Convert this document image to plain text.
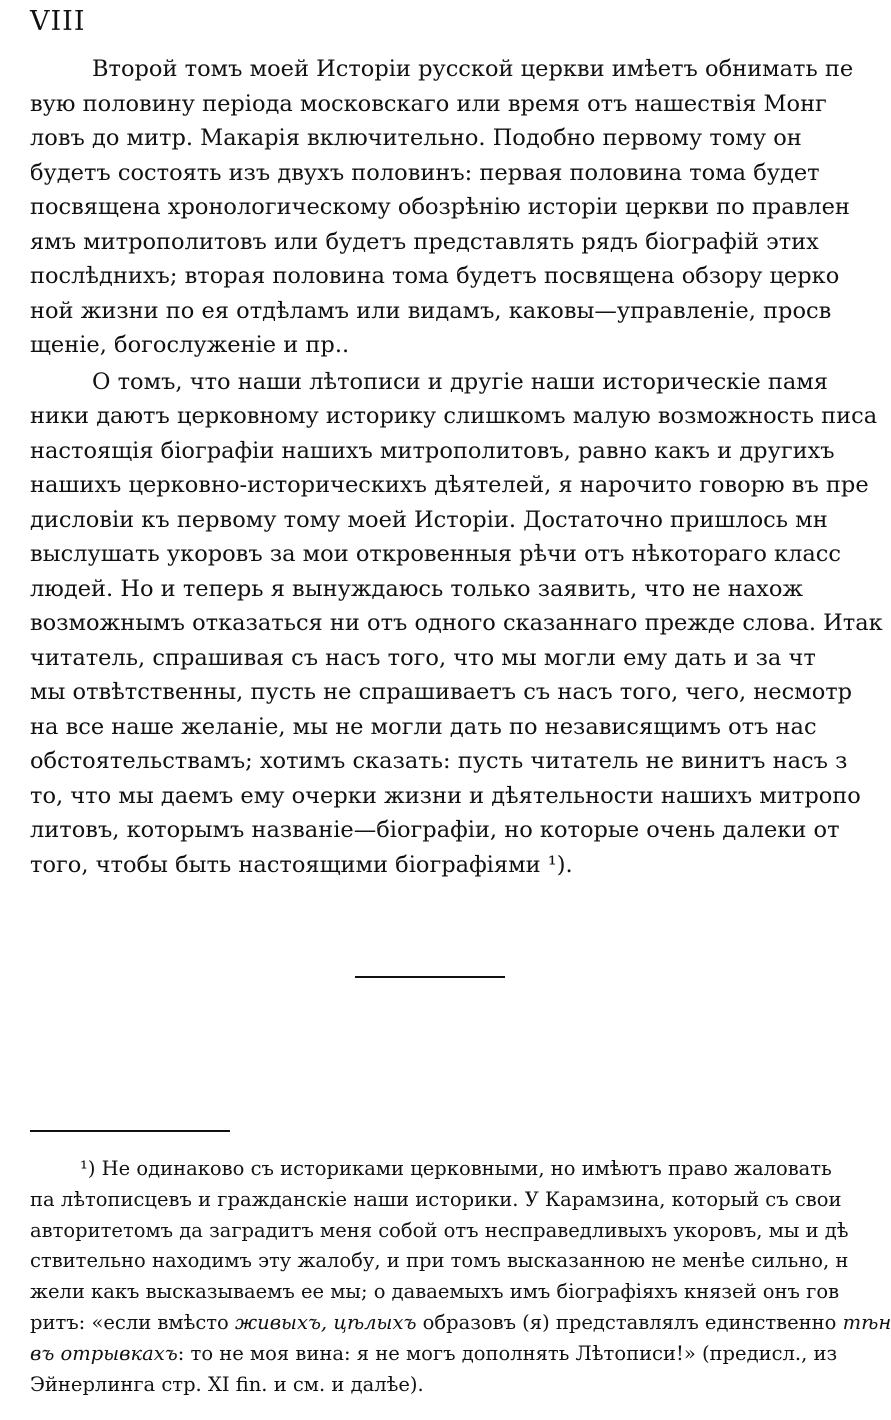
VIII
Второй томъ моей Исторіи русской церкви имѣетъ обнимать пе
вую половину періода московскаго или время отъ нашествія Монг
ловъ до митр. Макарія включительно. Подобно первому тому он
будетъ состоять изъ двухъ половинъ: первая половина тома будет
посвящена хронологическому обозрѣнію исторіи церкви по правлен
ямъ митрополитовъ или будетъ представлять рядъ біографій этих
послѣднихъ; вторая половина тома будетъ посвящена обзору церко
ной жизни по ея отдѣламъ или видамъ, каковы—управленіе, просв
щеніе, богослуженіе и пр..
О томъ, что наши лѣтописи и другіе наши историческіе памя
ники даютъ церковному историку слишкомъ малую возможность писа
настоящія біографіи нашихъ митрополитовъ, равно какъ и другихъ
нашихъ церковно-историческихъ дѣятелей, я нарочито говорю въ пре
дисловіи къ первому тому моей Исторіи. Достаточно пришлось мн
выслушать укоровъ за мои откровенныя рѣчи отъ нѣкотораго класс
людей. Но и теперь я вынуждаюсь только заявить, что не нахож
возможнымъ отказаться ни отъ одного сказаннаго прежде слова. Итак
читатель, спрашивая съ насъ того, что мы могли ему дать и за чт
мы отвѣтственны, пусть не спрашиваетъ съ насъ того, чего, несмотр
на все наше желаніе, мы не могли дать по независящимъ отъ нас
обстоятельствамъ; хотимъ сказать: пусть читатель не винитъ насъ з
то, что мы даемъ ему очерки жизни и дѣятельности нашихъ митропо
литовъ, которымъ названіе—біографіи, но которые очень далеки от
того, чтобы быть настоящими біографіями ¹).
¹) Не одинаково съ историками церковными, но имѣютъ право жаловать
па лѣтописцевъ и гражданскіе наши историки. У Карамзина, который съ свои
авторитетомъ да заградитъ меня собой отъ несправедливыхъ укоровъ, мы и дѣ
ствительно находимъ эту жалобу, и при томъ высказанною не менѣе сильно, н
жели какъ высказываемъ ее мы; о даваемыхъ имъ біографіяхъ князей онъ гов
ритъ: «если вмѣсто живыхъ, цѣлыхъ образовъ (я) представлялъ единственно тѣн
въ отрывкахъ: то не моя вина: я не могъ дополнять Лѣтописи!» (предисл., из
Эйнерлинга стр. XI fin. и см. и далѣе).
